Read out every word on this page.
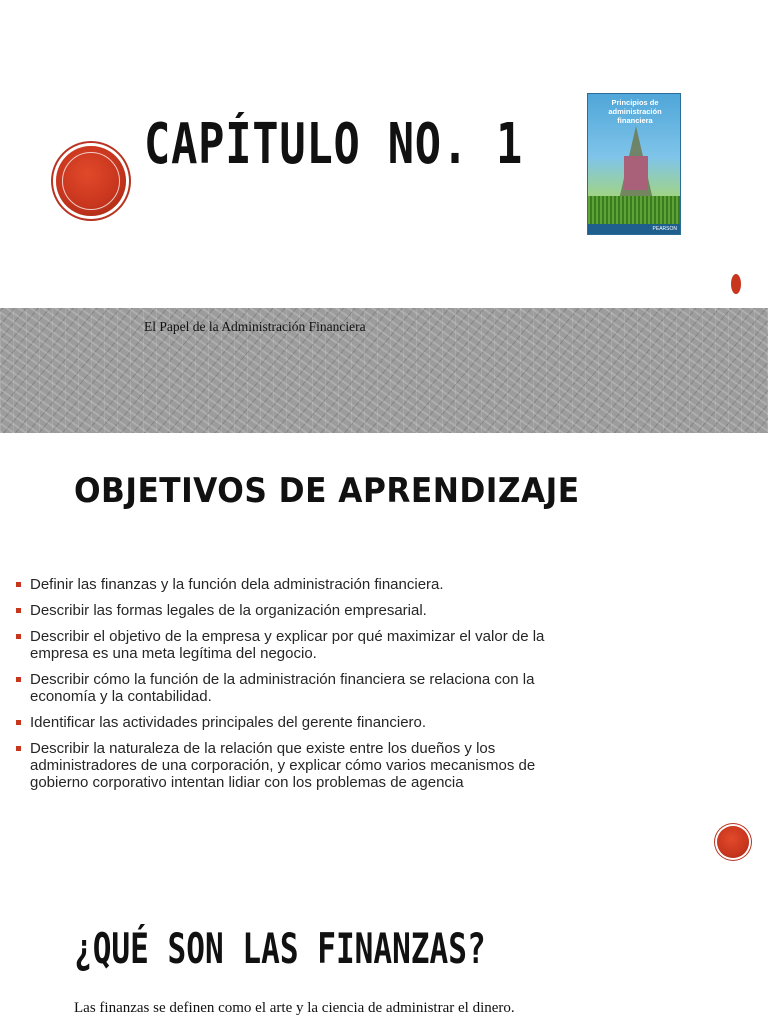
CAPÍTULO NO. 1
Principios de
administración financiera
PEARSON

El Papel de la Administración Financiera

OBJETIVOS DE APRENDIZAJE
Definir las finanzas y la función dela administración financiera.
Describir las formas legales de la organización empresarial.
Describir el objetivo de la empresa y explicar por qué maximizar el valor de la empresa es una meta legítima del negocio.
Describir cómo la función de la administración financiera se relaciona con la economía y la contabilidad.
Identificar las actividades principales del gerente financiero.
Describir la naturaleza de la relación que existe entre los dueños y los administradores de una corporación, y explicar cómo varios mecanismos de gobierno corporativo intentan lidiar con los problemas de agencia
¿QUÉ SON LAS FINANZAS?

Las finanzas se definen como el arte y la ciencia de administrar el dinero.
